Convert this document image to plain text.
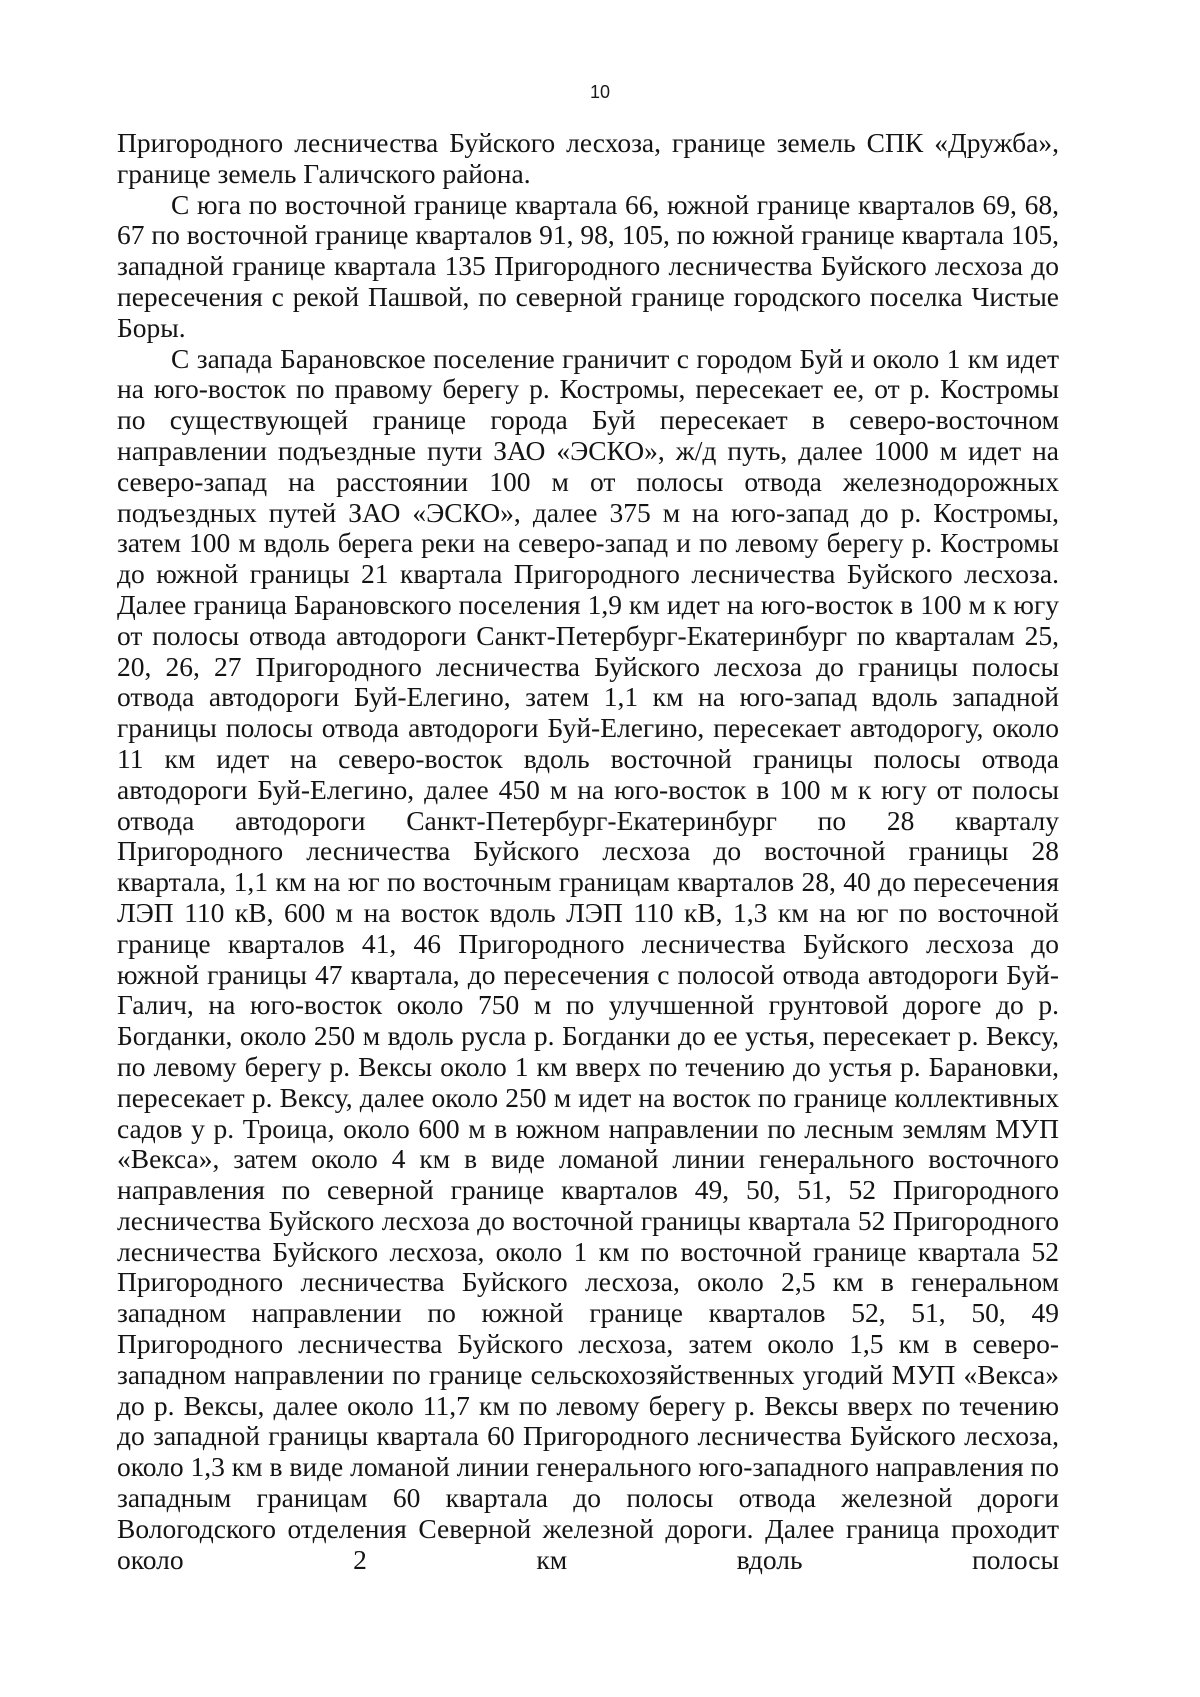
10

Пригородного лесничества Буйского лесхоза, границе земель СПК «Дружба», границе земель Галичского района.

С юга по восточной границе квартала 66, южной границе кварталов 69, 68, 67 по восточной границе кварталов 91, 98, 105, по южной границе квартала 105, западной границе квартала 135 Пригородного лесничества Буйского лесхоза до пересечения с рекой Пашвой, по северной границе городского поселка Чистые Боры.

С запада Барановское поселение граничит с городом Буй и около 1 км идет на юго-восток по правому берегу р. Костромы, пересекает ее, от р. Костромы по существующей границе города Буй пересекает в северо-восточном направлении подъездные пути ЗАО «ЭСКО», ж/д путь, далее 1000 м идет на северо-запад на расстоянии 100 м от полосы отвода железнодорожных подъездных путей ЗАО «ЭСКО», далее 375 м на юго-запад до р. Костромы, затем 100 м вдоль берега реки на северо-запад и по левому берегу р. Костромы до южной границы 21 квартала Пригородного лесничества Буйского лесхоза. Далее граница Барановского поселения 1,9 км идет на юго-восток в 100 м к югу от полосы отвода автодороги Санкт-Петербург-Екатеринбург по кварталам 25, 20, 26, 27 Пригородного лесничества Буйского лесхоза до границы полосы отвода автодороги Буй-Елегино, затем 1,1 км на юго-запад вдоль западной границы полосы отвода автодороги Буй-Елегино, пересекает автодорогу, около 11 км идет на северо-восток вдоль восточной границы полосы отвода автодороги Буй-Елегино, далее 450 м на юго-восток в 100 м к югу от полосы отвода автодороги Санкт-Петербург-Екатеринбург по 28 кварталу Пригородного лесничества Буйского лесхоза до восточной границы 28 квартала, 1,1 км на юг по восточным границам кварталов 28, 40 до пересечения ЛЭП 110 кВ, 600 м на восток вдоль ЛЭП 110 кВ, 1,3 км на юг по восточной границе кварталов 41, 46 Пригородного лесничества Буйского лесхоза до южной границы 47 квартала, до пересечения с полосой отвода автодороги Буй-Галич, на юго-восток около 750 м по улучшенной грунтовой дороге до р. Богданки, около 250 м вдоль русла р. Богданки до ее устья, пересекает р. Вексу, по левому берегу р. Вексы около 1 км вверх по течению до устья р. Барановки, пересекает р. Вексу, далее около 250 м идет на восток по границе коллективных садов у р. Троица, около 600 м в южном направлении по лесным землям МУП «Векса», затем около 4 км в виде ломаной линии генерального восточного направления по северной границе кварталов 49, 50, 51, 52 Пригородного лесничества Буйского лесхоза до восточной границы квартала 52 Пригородного лесничества Буйского лесхоза, около 1 км по восточной границе квартала 52 Пригородного лесничества Буйского лесхоза, около 2,5 км в генеральном западном направлении по южной границе кварталов 52, 51, 50, 49 Пригородного лесничества Буйского лесхоза, затем около 1,5 км в северо-западном направлении по границе сельскохозяйственных угодий МУП «Векса» до р. Вексы, далее около 11,7 км по левому берегу р. Вексы вверх по течению до западной границы квартала 60 Пригородного лесничества Буйского лесхоза, около 1,3 км в виде ломаной линии генерального юго-западного направления по западным границам 60 квартала до полосы отвода железной дороги Вологодского отделения Северной железной дороги. Далее граница проходит около 2 км вдоль полосы
